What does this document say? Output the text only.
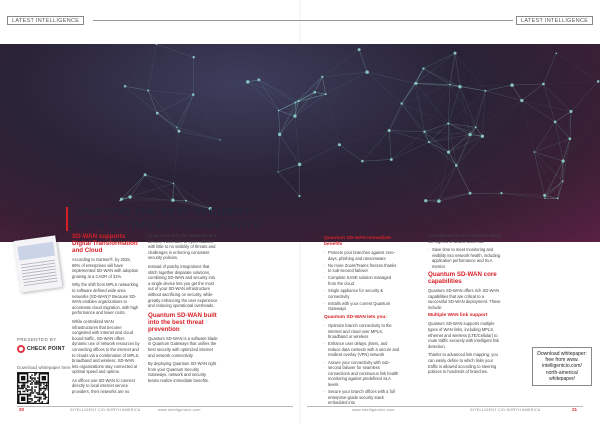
LATEST INTELLIGENCE	LATEST INTELLIGENCE
UNIFYING THE BEST SECURITY
WITH OPTIMIZED CONNECTIVITY
PRESENTED BY
CHECK POINT
Download whitepaper here
SD-WAN supports Digital Transformation and Cloud

According to Gartner®, by 2025, 65% of enterprises will have implemented SD-WAN with adoption growing at a CAGR of 31%.

Why the shift from MPLS networking to software defined wide area networks (SD-WAN)? Because SD-WAN enables organizations to accelerate cloud migration, with high performance and lower costs.

While centralized WAN infrastructures that become congested with internet and cloud bound traffic, SD-WAN offers dynamic use of network resources by connecting offices to the internet and to clouds via a combination of MPLS, broadband and wireless. SD-WAN lets organizations stay connected at optimal speed and uptime.

As offices use SD-WAN to connect directly to local internet service providers, their networks are no

longer secured by the datacenter and become vulnerable to cyber attacks, with little to no visibility of threats and challenges in enforcing consistent security policies.

Instead of patchy integrations that stitch together disparate solutions, combining SD-WAN and security into a single device lets you get the most out of your SD-WAN infrastructure without sacrificing on security, while greatly enhancing the user experience and reducing operational overheads.

Quantum SD-WAN built into the best threat prevention

Quantum SD-WAN is a software blade in Quantum Gateways that unifies the best security with optimized internet and network connectivity.

By deploying Quantum SD-WAN right from your Quantum Security Gateways, network and security teams realize immediate benefits.

Quantum SD-WAN immediate benefits
· Protects your branches against zero-days, phishing and ransomware
· No more Zoom/Teams freezes thanks to sub-second failover
· Complete SASE solution managed from the cloud
· Single appliance for security & connectivity
· Installs with your current Quantum Gateways
Quantum SD-WAN lets you:
· Optimize branch connectivity to the internet and cloud over MPLS, broadband or wireless
· Enhance user delays, jitters, and reduce data contexts with a secure and resilient overlay (VPN) network
· Assure your connectivity with sub-second failover for seamless connections and continuous link health monitoring against predefined SLA levels
· Secure your branch offices with a full enterprise-grade security stack embedded into

your wide area branch network to deliver the highest of award-catch rate

· Save time to meet monitoring and visibility into network health, including application performance and SLA metrics
Quantum SD-WAN core capabilities

Quantum SD-WAN offers rich SD-WAN capabilities that are critical to a successful SD-WAN deployment. These include:

Multiple WAN link support

Quantum SD-WAN supports multiple types of WAN links, including MPLS, ethernet and wireless (LTE/Cellular) to route traffic securely with intelligent link detection.

Thanks to advanced link mapping, you can easily define to which links your traffic is allowed according to steering policies to hundreds of branches.

Download whitepaper: free from www. intelligentcio.com/ north-america/ whitepaper/
20	INTELLIGENT CIO NORTH AMERICA	www.intelligentcio.com	www.intelligentcio.com	INTELLIGENT CIO NORTH AMERICA	21
